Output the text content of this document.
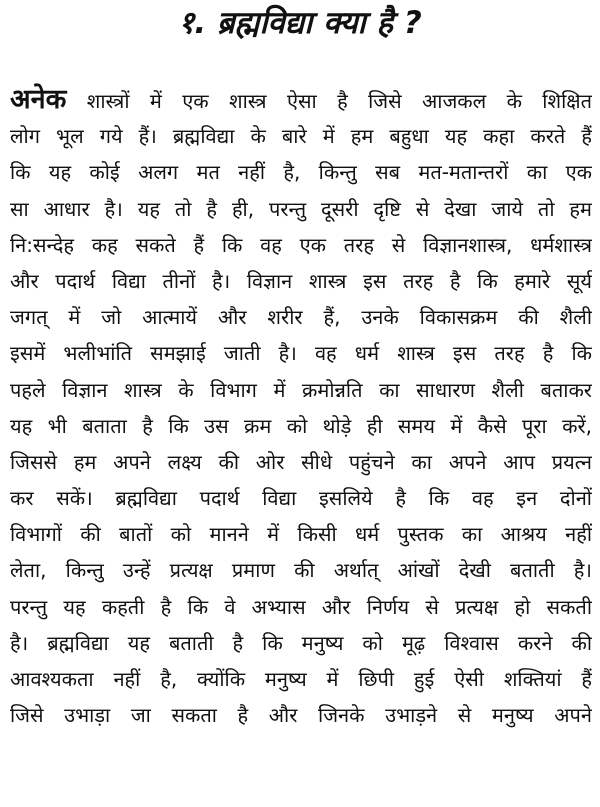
१. ब्रह्मविद्या क्या है ?
अनेक शास्त्रों में एक शास्त्र ऐसा है जिसे आजकल के शिक्षित
लोग भूल गये हैं। ब्रह्मविद्या के बारे में हम बहुधा यह कहा करते हैं
कि यह कोई अलग मत नहीं है, किन्तु सब मत-मतान्तरों का एक
सा आधार है। यह तो है ही, परन्तु दूसरी दृष्टि से देखा जाये तो हम
नि:सन्देह कह सकते हैं कि वह एक तरह से विज्ञानशास्त्र, धर्मशास्त्र
और पदार्थ विद्या तीनों है। विज्ञान शास्त्र इस तरह है कि हमारे सूर्य
जगत् में जो आत्मायें और शरीर हैं, उनके विकासक्रम की शैली
इसमें भलीभांति समझाई जाती है। वह धर्म शास्त्र इस तरह है कि
पहले विज्ञान शास्त्र के विभाग में क्रमोन्नति का साधारण शैली बताकर
यह भी बताता है कि उस क्रम को थोड़े ही समय में कैसे पूरा करें,
जिससे हम अपने लक्ष्य की ओर सीधे पहुंचने का अपने आप प्रयत्न
कर सकें। ब्रह्मविद्या पदार्थ विद्या इसलिये है कि वह इन दोनों
विभागों की बातों को मानने में किसी धर्म पुस्तक का आश्रय नहीं
लेता, किन्तु उन्हें प्रत्यक्ष प्रमाण की अर्थात् आंखों देखी बताती है।
परन्तु यह कहती है कि वे अभ्यास और निर्णय से प्रत्यक्ष हो सकती
है। ब्रह्मविद्या यह बताती है कि मनुष्य को मूढ़ विश्वास करने की
आवश्यकता नहीं है, क्योंकि मनुष्य में छिपी हुई ऐसी शक्तियां हैं
जिसे उभाड़ा जा सकता है और जिनके उभाड़ने से मनुष्य अपने
